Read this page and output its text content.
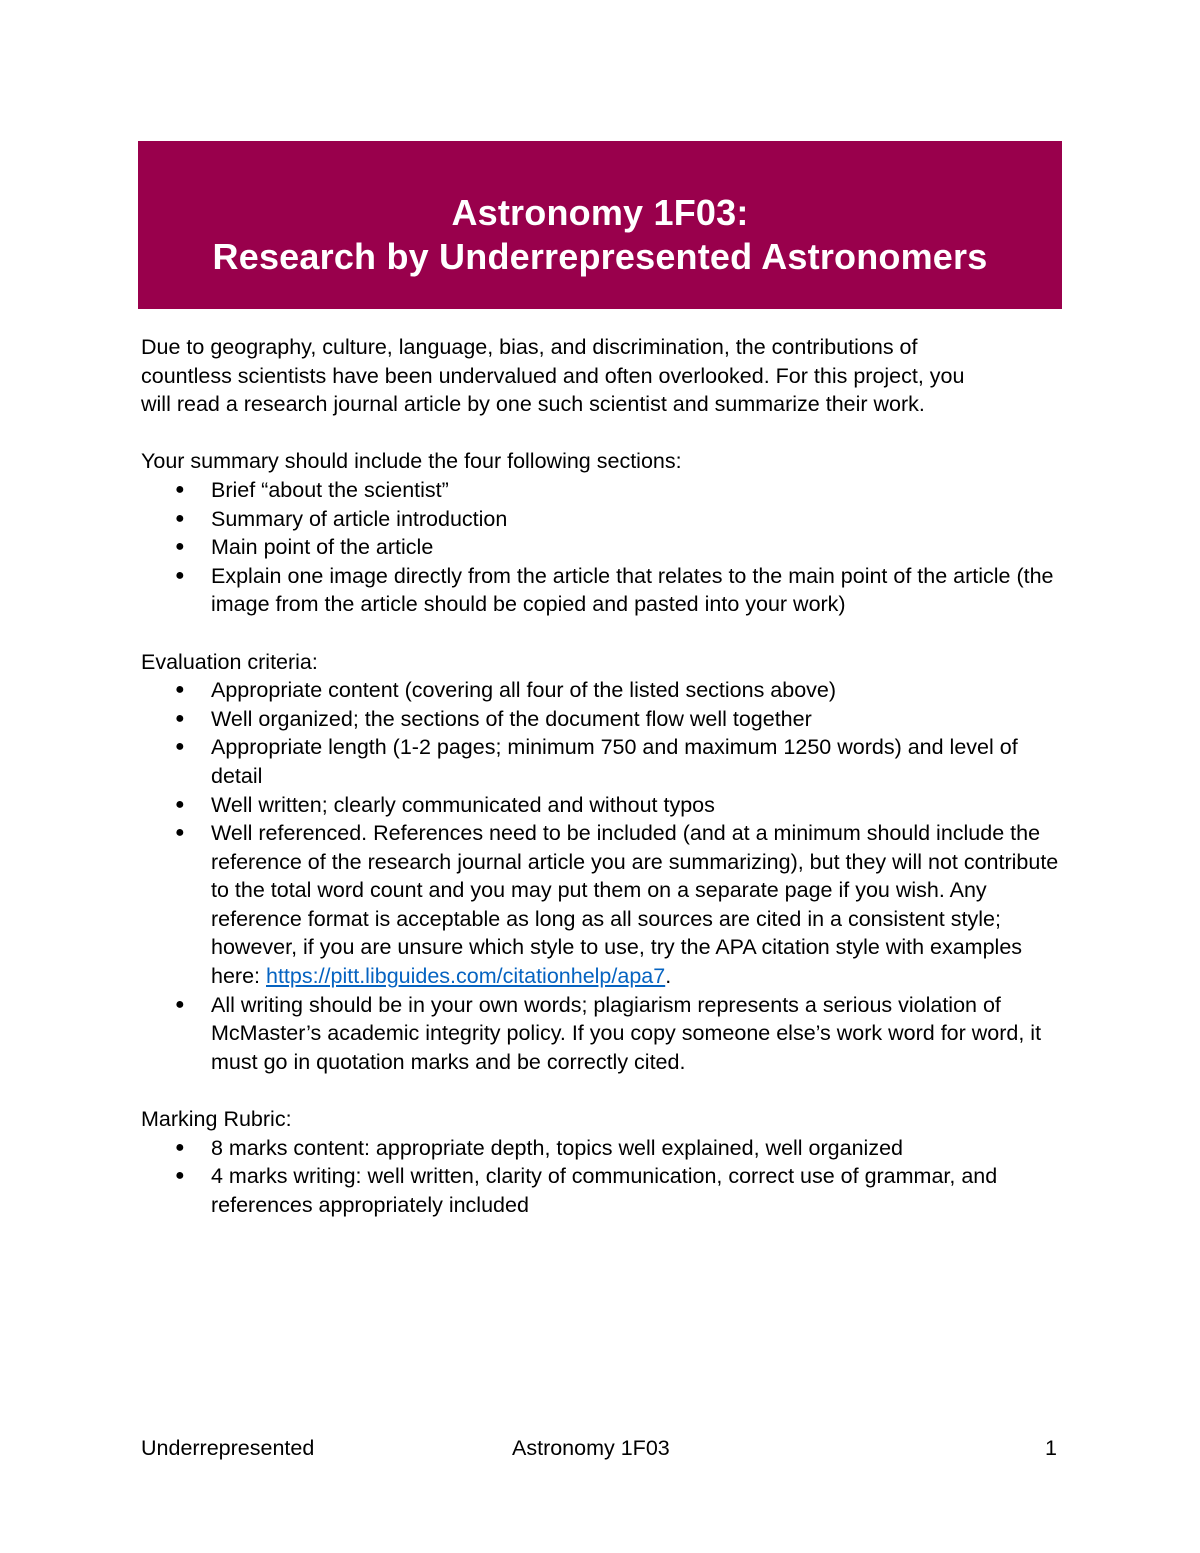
Astronomy 1F03:
Research by Underrepresented Astronomers

Due to geography, culture, language, bias, and discrimination, the contributions of
countless scientists have been undervalued and often overlooked. For this project, you
will read a research journal article by one such scientist and summarize their work.

Your summary should include the four following sections:

● Brief “about the scientist”
● Summary of article introduction
● Main point of the article
● Explain one image directly from the article that relates to the main point of the article (the image from the article should be copied and pasted into your work)

Evaluation criteria:

● Appropriate content (covering all four of the listed sections above)
● Well organized; the sections of the document flow well together
● Appropriate length (1-2 pages; minimum 750 and maximum 1250 words) and level of detail
● Well written; clearly communicated and without typos
● Well referenced. References need to be included (and at a minimum should include the reference of the research journal article you are summarizing), but they will not contribute to the total word count and you may put them on a separate page if you wish. Any reference format is acceptable as long as all sources are cited in a consistent style; however, if you are unsure which style to use, try the APA citation style with examples here: https://pitt.libguides.com/citationhelp/apa7.
● All writing should be in your own words; plagiarism represents a serious violation of McMaster’s academic integrity policy. If you copy someone else’s work word for word, it must go in quotation marks and be correctly cited.

Marking Rubric:

● 8 marks content: appropriate depth, topics well explained, well organized
● 4 marks writing: well written, clarity of communication, correct use of grammar, and references appropriately included
Underrepresented	Astronomy 1F03	1
